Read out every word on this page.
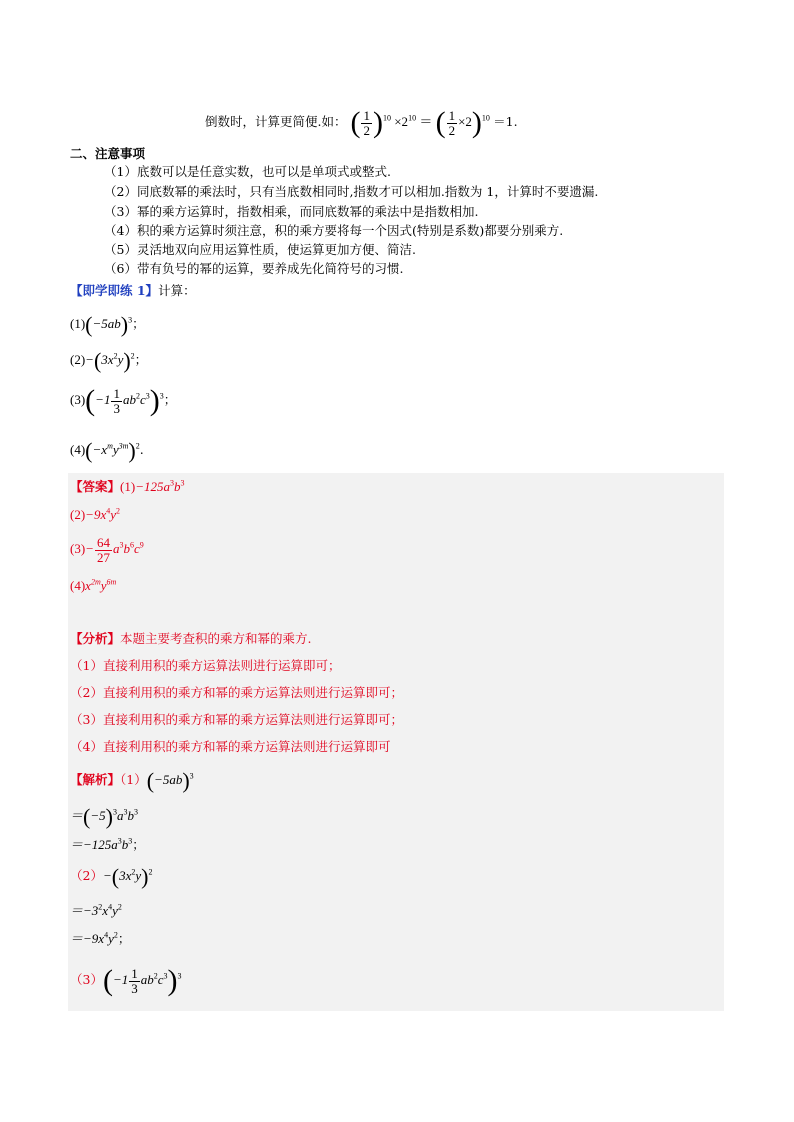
倒数时，计算更简便.如： ( $\frac{1}{2} )^{10} \times 2^{10}$ ＝ ( $\frac{1}{2} \times 2)^{10} =1$.
二、注意事项
（1）底数可以是任意实数，也可以是单项式或整式.
（2）同底数幂的乘法时，只有当底数相同时,指数才可以相加.指数为 1，计算时不要遗漏.
（3）幂的乘方运算时，指数相乘，而同底数幂的乘法中是指数相加.
（4）积的乘方运算时须注意，积的乘方要将每一个因式(特别是系数)都要分别乘方.
（5）灵活地双向应用运算性质，使运算更加方便、简洁.
（6）带有负号的幂的运算，要养成先化简符号的习惯.
【即学即练 1】计算：
$(1)(-5ab)^3$；
$(2)-(3x^2y)^2$；
$(3)(-1 \frac{1}{3} ab^2c^3)^3$；
$(4)(-x^my^{3m})^2$.
【答案】$(1)-125a^3b^3$
$(2)-9x^4y^2$
$(3)- \frac{64}{27} a^3b^6c^9$
$(4)x^{2m}y^{6m}$
【分析】本题主要考查积的乘方和幂的乘方.
（1）直接利用积的乘方运算法则进行运算即可；
（2）直接利用积的乘方和幂的乘方运算法则进行运算即可；
（3）直接利用积的乘方和幂的乘方运算法则进行运算即可；
（4）直接利用积的乘方和幂的乘方运算法则进行运算即可
【解析】$(1)(-5ab)^3$
$=(-5)^3a^3b^3$
$=-125a^3b^3$；
$(2)-(3x^2y)^2$
$=-3^2x^4y^2$
$=-9x^4y^2$；
$(3)(-1 \frac{1}{3} ab^2c^3)^3$
